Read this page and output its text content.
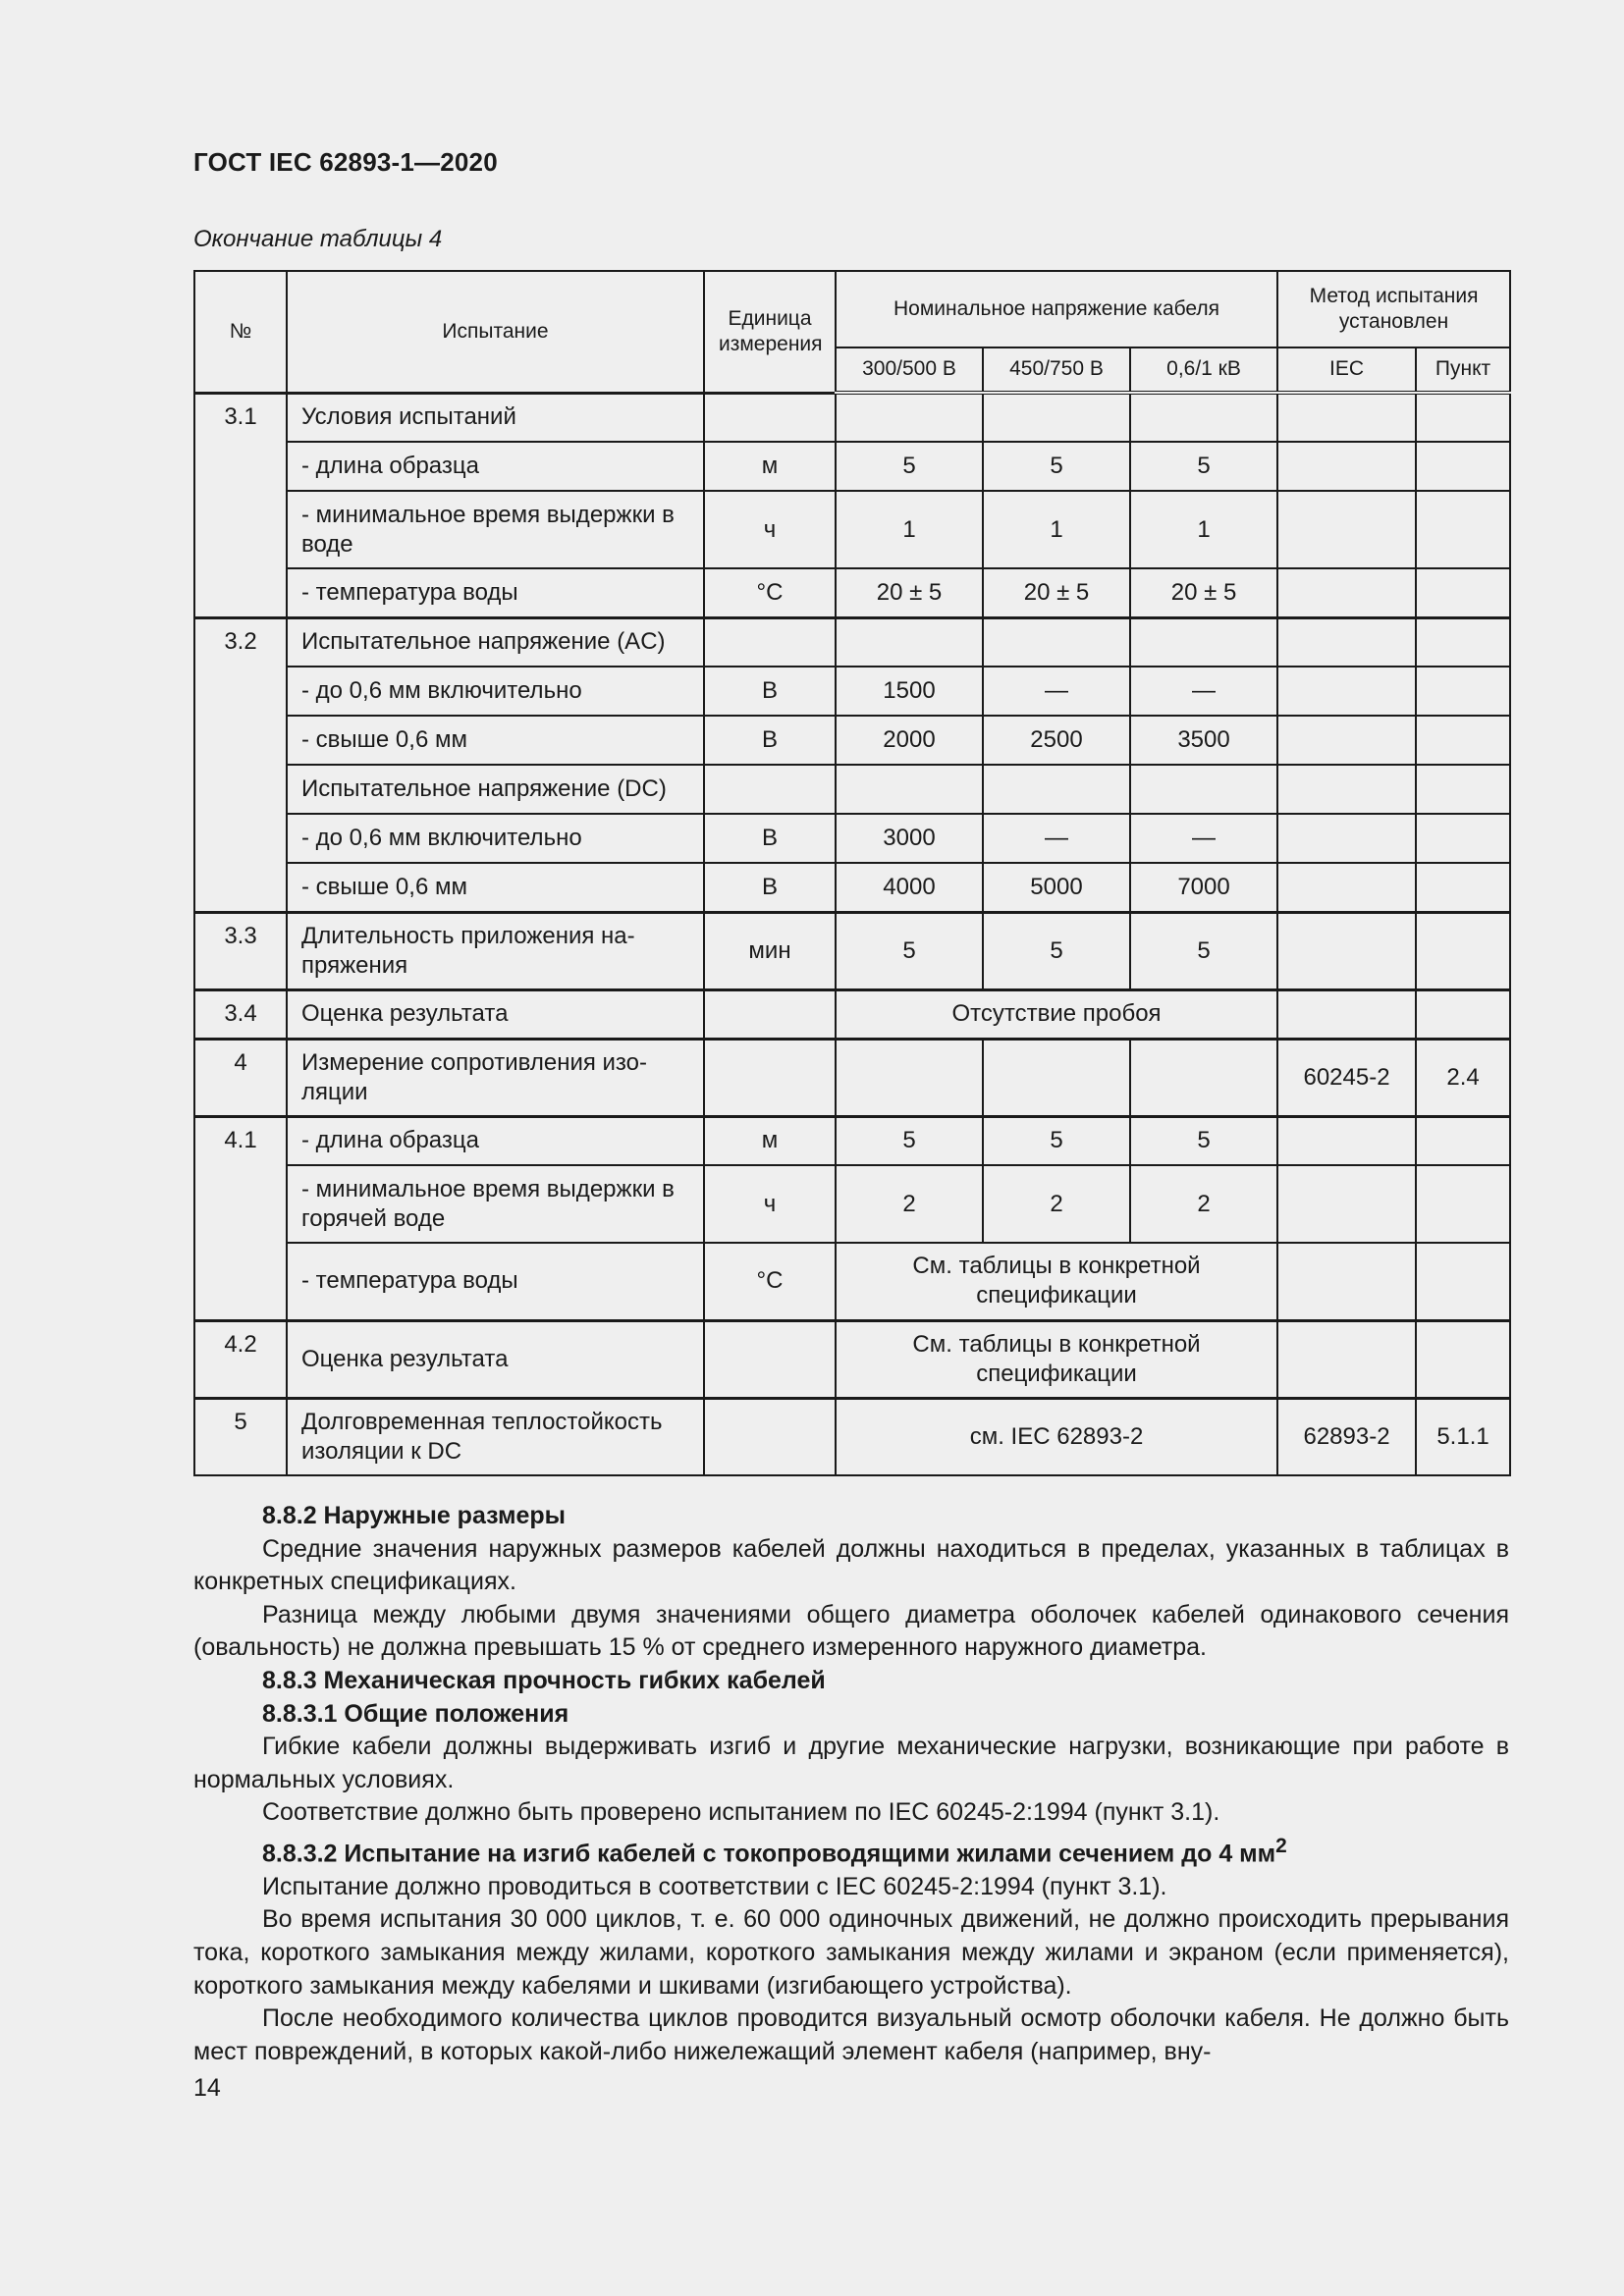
ГОСТ IEC 62893-1—2020
Окончание таблицы 4
№	Испытание	Единица измерения	Номинальное напряжение кабеля			Метод испытания установлен	
			300/500 В	450/750 В	0,6/1 кВ	IEC	Пункт
3.1	Условия испытаний						
	- длина образца	м	5	5	5		
	- минимальное время выдержки в воде	ч	1	1	1		
	- температура воды	°С	20 ± 5	20 ± 5	20 ± 5		
3.2	Испытательное напряжение (AC)						
	- до 0,6 мм включительно	В	1500	—	—		
	- свыше 0,6 мм	В	2000	2500	3500		
	Испытательное напряжение (DC)						
	- до 0,6 мм включительно	В	3000	—	—		
	- свыше 0,6 мм	В	4000	5000	7000		
3.3	Длительность приложения на-пряжения	мин	5	5	5		
3.4	Оценка результата		Отсутствие пробоя				
4	Измерение сопротивления изо-ляции					60245-2	2.4
4.1	- длина образца	м	5	5	5		
	- минимальное время выдержки в горячей воде	ч	2	2	2		
	- температура воды	°С	См. таблицы в конкретной спецификации				
4.2	Оценка результата		См. таблицы в конкретной спецификации				
5	Долговременная теплостойкость изоляции к DC		см. IEC 62893-2			62893-2	5.1.1

8.8.2 Наружные размеры

Средние значения наружных размеров кабелей должны находиться в пределах, указанных в таблицах в конкретных спецификациях.

Разница между любыми двумя значениями общего диаметра оболочек кабелей одинакового сечения (овальность) не должна превышать 15 % от среднего измеренного наружного диаметра.

8.8.3 Механическая прочность гибких кабелей

8.8.3.1 Общие положения

Гибкие кабели должны выдерживать изгиб и другие механические нагрузки, возникающие при работе в нормальных условиях.

Соответствие должно быть проверено испытанием по IEC 60245-2:1994 (пункт 3.1).

8.8.3.2 Испытание на изгиб кабелей с токопроводящими жилами сечением до 4 $мм^2$

Испытание должно проводиться в соответствии с IEC 60245-2:1994 (пункт 3.1).

Во время испытания 30 000 циклов, т. е. 60 000 одиночных движений, не должно происходить прерывания тока, короткого замыкания между жилами, короткого замыкания между жилами и экраном (если применяется), короткого замыкания между кабелями и шкивами (изгибающего устройства).

После необходимого количества циклов проводится визуальный осмотр оболочки кабеля. Не должно быть мест повреждений, в которых какой-либо нижележащий элемент кабеля (например, вну-

14
